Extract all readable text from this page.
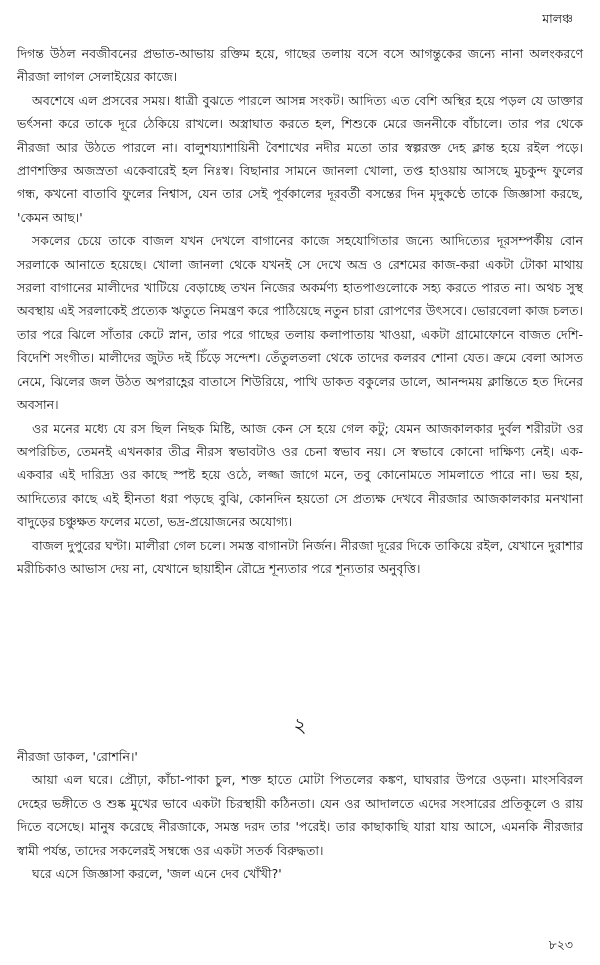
মালঞ্চ

দিগন্ত উঠল নবজীবনের প্রভাত-আভায় রক্তিম হয়ে, গাছের তলায় বসে বসে আগন্তুকের জন্যে নানা অলংকরণে নীরজা লাগল সেলাইয়ের কাজে।

অবশেষে এল প্রসবের সময়। ধাত্রী বুঝতে পারলে আসন্ন সংকট। আদিত্য এত বেশি অস্থির হয়ে পড়ল যে ডাক্তার ভর্ৎসনা করে তাকে দূরে ঠেকিয়ে রাখলে। অস্ত্রাঘাত করতে হল, শিশুকে মেরে জননীকে বাঁচালে। তার পর থেকে নীরজা আর উঠতে পারলে না। বালুশয্যাশায়িনী বৈশাখের নদীর মতো তার স্বল্পরক্ত দেহ ক্লান্ত হয়ে রইল পড়ে। প্রাণশক্তির অজস্রতা একেবারেই হল নিঃস্ব। বিছানার সামনে জানলা খোলা, তপ্ত হাওয়ায় আসছে মুচকুন্দ ফুলের গন্ধ, কখনো বাতাবি ফুলের নিশ্বাস, যেন তার সেই পূর্বকালের দূরবর্তী বসন্তের দিন মৃদুকণ্ঠে তাকে জিজ্ঞাসা করছে, 'কেমন আছ।'

সকলের চেয়ে তাকে বাজল যখন দেখলে বাগানের কাজে সহযোগিতার জন্যে আদিত্যের দূরসম্পর্কীয় বোন সরলাকে আনাতে হয়েছে। খোলা জানলা থেকে যখনই সে দেখে অভ্র ও রেশমের কাজ-করা একটা টোকা মাথায় সরলা বাগানের মালীদের খাটিয়ে বেড়াচ্ছে তখন নিজের অকর্মণ্য হাতপাগুলোকে সহ্য করতে পারত না। অথচ সুস্থ অবস্থায় এই সরলাকেই প্রত্যেক ঋতুতে নিমন্ত্রণ করে পাঠিয়েছে নতুন চারা রোপণের উৎসবে। ভোরবেলা কাজ চলত। তার পরে ঝিলে সাঁতার কেটে স্নান, তার পরে গাছের তলায় কলাপাতায় খাওয়া, একটা গ্রামোফোনে বাজত দেশি-বিদেশি সংগীত। মালীদের জুটত দই চিঁড়ে সন্দেশ। তেঁতুলতলা থেকে তাদের কলরব শোনা যেত। ক্রমে বেলা আসত নেমে, ঝিলের জল উঠত অপরাহ্ণের বাতাসে শিউরিয়ে, পাখি ডাকত বকুলের ডালে, আনন্দময় ক্লান্তিতে হত দিনের অবসান।

ওর মনের মধ্যে যে রস ছিল নিছক মিষ্টি, আজ কেন সে হয়ে গেল কটু; যেমন আজকালকার দুর্বল শরীরটা ওর অপরিচিত, তেমনই এখনকার তীব্র নীরস স্বভাবটাও ওর চেনা স্বভাব নয়। সে স্বভাবে কোনো দাক্ষিণ্য নেই। এক-একবার এই দারিদ্র্য ওর কাছে স্পষ্ট হয়ে ওঠে, লজ্জা জাগে মনে, তবু কোনোমতে সামলাতে পারে না। ভয় হয়, আদিত্যের কাছে এই হীনতা ধরা পড়ছে বুঝি, কোনদিন হয়তো সে প্রত্যক্ষ দেখবে নীরজার আজকালকার মনখানা বাদুড়ের চঞ্চুক্ষত ফলের মতো, ভদ্র-প্রয়োজনের অযোগ্য।

বাজল দুপুরের ঘণ্টা। মালীরা গেল চলে। সমস্ত বাগানটা নির্জন। নীরজা দূরের দিকে তাকিয়ে রইল, যেখানে দুরাশার মরীচিকাও আভাস দেয় না, যেখানে ছায়াহীন রৌদ্রে শূন্যতার পরে শূন্যতার অনুবৃত্তি।

২

নীরজা ডাকল, 'রোশনি।'

আয়া এল ঘরে। প্রৌঢ়া, কাঁচা-পাকা চুল, শক্ত হাতে মোটা পিতলের কঙ্কণ, ঘাঘরার উপরে ওড়না। মাংসবিরল দেহের ভঙ্গীতে ও শুষ্ক মুখের ভাবে একটা চিরস্থায়ী কঠিনতা। যেন ওর আদালতে এদের সংসারের প্রতিকূলে ও রায় দিতে বসেছে। মানুষ করেছে নীরজাকে, সমস্ত দরদ তার 'পরেই। তার কাছাকাছি যারা যায় আসে, এমনকি নীরজার স্বামী পর্যন্ত, তাদের সকলেরই সম্বন্ধে ওর একটা সতর্ক বিরুদ্ধতা।

ঘরে এসে জিজ্ঞাসা করলে, 'জল এনে দেব খোঁখী?'

৮২৩
